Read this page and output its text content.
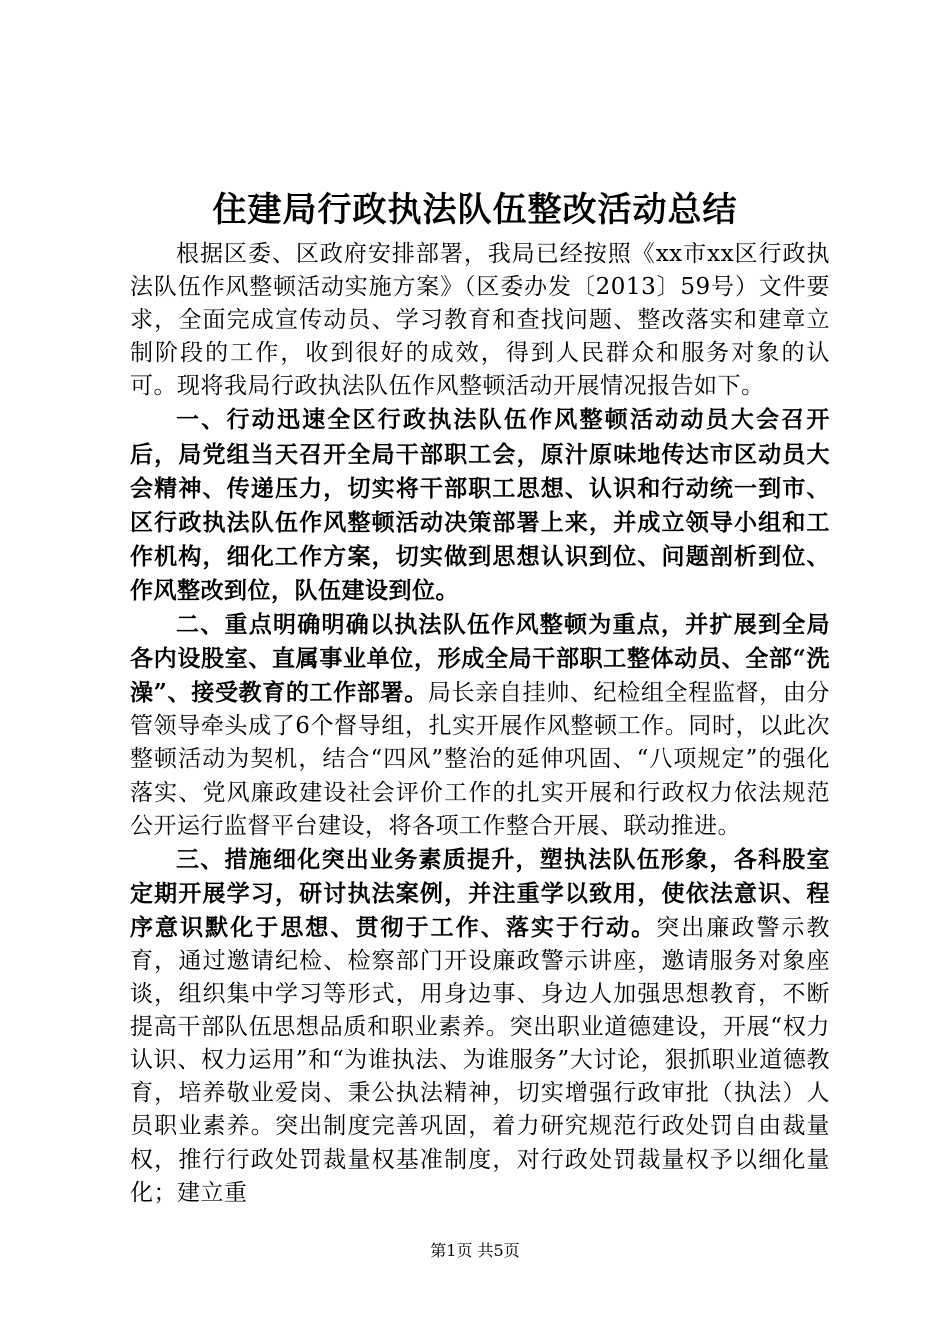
住建局行政执法队伍整改活动总结

根据区委、区政府安排部署，我局已经按照《xx市xx区行政执法队伍作风整顿活动实施方案》（区委办发〔2013〕59号）文件要求，全面完成宣传动员、学习教育和查找问题、整改落实和建章立制阶段的工作，收到很好的成效，得到人民群众和服务对象的认可。现将我局行政执法队伍作风整顿活动开展情况报告如下。

一、行动迅速全区行政执法队伍作风整顿活动动员大会召开后，局党组当天召开全局干部职工会，原汁原味地传达市区动员大会精神、传递压力，切实将干部职工思想、认识和行动统一到市、区行政执法队伍作风整顿活动决策部署上来，并成立领导小组和工作机构，细化工作方案，切实做到思想认识到位、问题剖析到位、作风整改到位，队伍建设到位。

二、重点明确明确以执法队伍作风整顿为重点，并扩展到全局各内设股室、直属事业单位，形成全局干部职工整体动员、全部“洗澡”、接受教育的工作部署。局长亲自挂帅、纪检组全程监督，由分管领导牵头成了6个督导组，扎实开展作风整顿工作。同时，以此次整顿活动为契机，结合“四风”整治的延伸巩固、“八项规定”的强化落实、党风廉政建设社会评价工作的扎实开展和行政权力依法规范公开运行监督平台建设，将各项工作整合开展、联动推进。

三、措施细化突出业务素质提升，塑执法队伍形象，各科股室定期开展学习，研讨执法案例，并注重学以致用，使依法意识、程序意识默化于思想、贯彻于工作、落实于行动。突出廉政警示教育，通过邀请纪检、检察部门开设廉政警示讲座，邀请服务对象座谈，组织集中学习等形式，用身边事、身边人加强思想教育，不断提高干部队伍思想品质和职业素养。突出职业道德建设，开展“权力认识、权力运用”和“为谁执法、为谁服务”大讨论，狠抓职业道德教育，培养敬业爱岗、秉公执法精神，切实增强行政审批（执法）人员职业素养。突出制度完善巩固，着力研究规范行政处罚自由裁量权，推行行政处罚裁量权基准制度，对行政处罚裁量权予以细化量化；建立重

第1页 共5页
